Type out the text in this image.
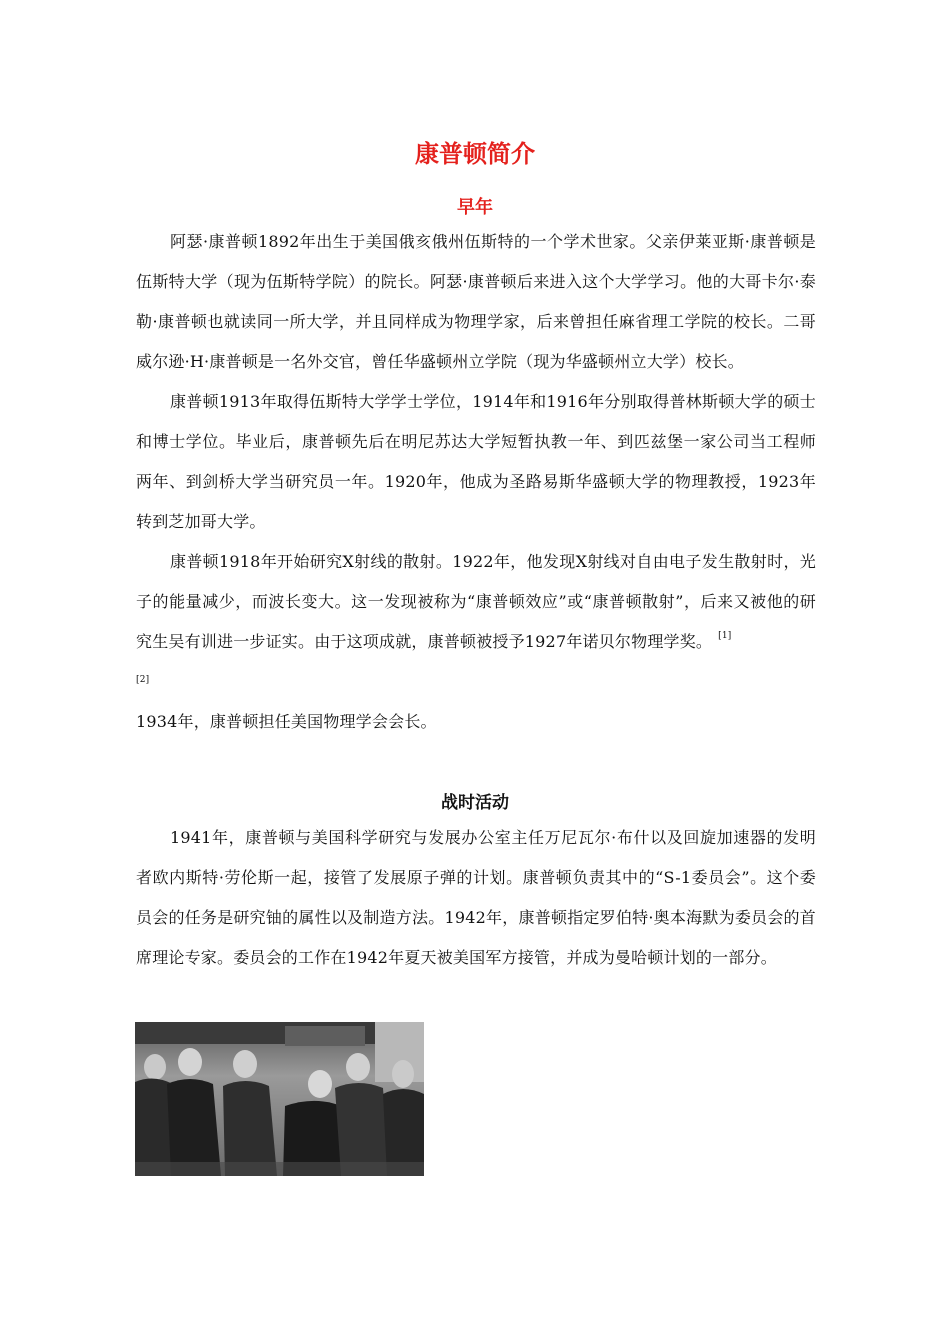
康普顿简介
早年

阿瑟·康普顿1892年出生于美国俄亥俄州伍斯特的一个学术世家。父亲伊莱亚斯·康普顿是伍斯特大学（现为伍斯特学院）的院长。阿瑟·康普顿后来进入这个大学学习。他的大哥卡尔·泰勒·康普顿也就读同一所大学，并且同样成为物理学家，后来曾担任麻省理工学院的校长。二哥威尔逊·H·康普顿是一名外交官，曾任华盛顿州立学院（现为华盛顿州立大学）校长。

康普顿1913年取得伍斯特大学学士学位，1914年和1916年分别取得普林斯顿大学的硕士和博士学位。毕业后，康普顿先后在明尼苏达大学短暂执教一年、到匹兹堡一家公司当工程师两年、到剑桥大学当研究员一年。1920年，他成为圣路易斯华盛顿大学的物理教授，1923年转到芝加哥大学。

康普顿1918年开始研究X射线的散射。1922年，他发现X射线对自由电子发生散射时，光子的能量减少，而波长变大。这一发现被称为“康普顿效应”或“康普顿散射”，后来又被他的研究生吴有训进一步证实。由于这项成就，康普顿被授予1927年诺贝尔物理学奖。 [1]

[2]

1934年，康普顿担任美国物理学会会长。

战时活动

1941年，康普顿与美国科学研究与发展办公室主任万尼瓦尔·布什以及回旋加速器的发明者欧内斯特·劳伦斯一起，接管了发展原子弹的计划。康普顿负责其中的“S-1委员会”。这个委员会的任务是研究铀的属性以及制造方法。1942年，康普顿指定罗伯特·奥本海默为委员会的首席理论专家。委员会的工作在1942年夏天被美国军方接管，并成为曼哈顿计划的一部分。
